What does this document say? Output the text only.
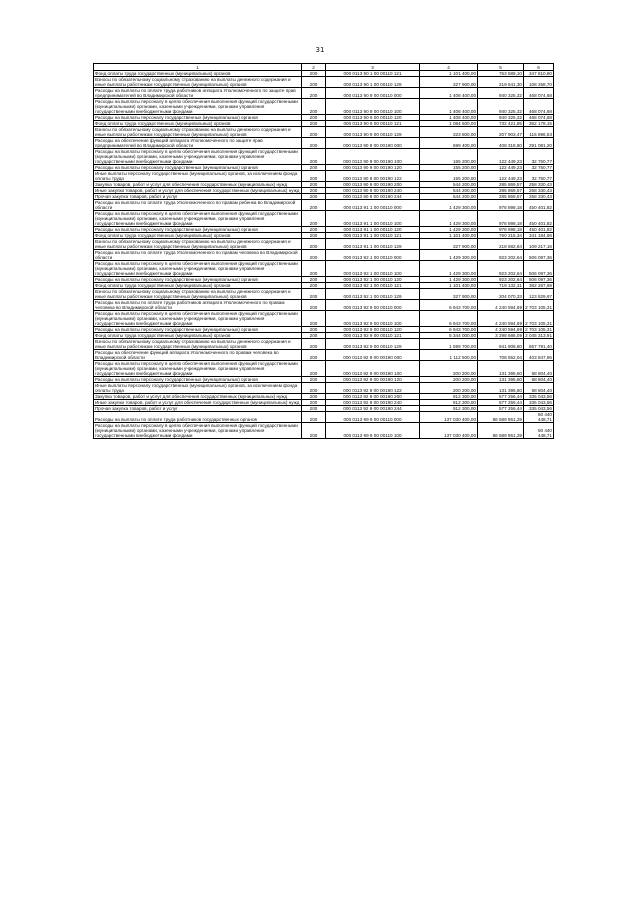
31
1	2	3	4	5	6
Фонд оплаты труда государственных (муниципальных) органов	200	000 0113 90 1 00 00110 121	1 101 400,00	753 589,10	347 810,90
Взносы по обязательному социальному страхованию на выплаты денежного содержания и иные выплаты работникам государственных (муниципальных) органов	200	000 0113 90 1 00 00110 129	327 900,00	219 641,30	108 258,70
Расходы на выплаты по оплате труда работников аппарата Уполномоченного по защите прав предпринимателей во Владимирской области	200	000 0113 90 9 00 00110 000	1 408 400,00	940 325,32	468 074,68
Расходы на выплаты персоналу в целях обеспечения выполнения функций государственными (муниципальными) органами, казенными учреждениями, органами управления государственными внебюджетными фондами	200	000 0113 90 9 00 00110 100	1 408 400,00	940 325,32	468 074,68
Расходы на выплаты персоналу государственных (муниципальных) органов	200	000 0113 90 9 00 00110 120	1 408 400,00	940 325,32	468 074,68
Фонд оплаты труда государственных (муниципальных) органов	200	000 0113 90 9 00 00110 121	1 084 600,00	732 421,85	352 178,15
Взносы по обязательному социальному страхованию на выплаты денежного содержания и иные выплаты работникам государственных (муниципальных) органов	200	000 0113 90 9 00 00110 129	323 800,00	207 903,47	115 896,53
Расходы на обеспечение функций аппарата Уполномоченного по защите прав предпринимателей во Владимирской области	200	000 0113 90 9 00 00190 000	699 400,00	408 318,80	291 081,20
Расходы на выплаты персоналу в целях обеспечения выполнения функций государственными (муниципальными) органами, казенными учреждениями, органами управления государственными внебюджетными фондами	200	000 0113 90 9 00 00190 100	155 200,00	122 449,23	32 750,77
Расходы на выплаты персоналу государственных (муниципальных) органов	200	000 0113 90 9 00 00190 120	155 200,00	122 449,23	32 750,77
Иные выплаты персоналу государственных (муниципальных) органов, за исключением фонда оплаты труда	200	000 0113 90 9 00 00190 122	155 200,00	122 449,23	32 750,77
Закупка товаров, работ и услуг для обеспечения государственных (муниципальных) нужд	200	000 0113 90 9 00 00190 200	544 200,00	285 869,57	258 330,43
Иные закупки товаров, работ и услуг для обеспечения государственных (муниципальных) нужд	200	000 0113 90 9 00 00190 240	544 200,00	285 869,57	258 330,43
Прочая закупка товаров, работ и услуг	200	000 0113 90 9 00 00190 244	544 200,00	285 869,57	258 330,43
Расходы на выплаты по оплате труда Уполномоченного по правам ребенка во Владимирской области	200	000 0113 91 1 00 00110 000	1 429 300,00	978 898,18	450 401,82
Расходы на выплаты персоналу в целях обеспечения выполнения функций государственными (муниципальными) органами, казенными учреждениями, органами управления государственными внебюджетными фондами	200	000 0113 91 1 00 00110 100	1 429 300,00	978 898,18	450 401,82
Расходы на выплаты персоналу государственных (муниципальных) органов	200	000 0113 91 1 00 00110 120	1 429 300,00	978 898,18	450 401,82
Фонд оплаты труда государственных (муниципальных) органов	200	000 0113 91 1 00 00110 121	1 101 400,00	760 215,34	341 184,66
Взносы по обязательному социальному страхованию на выплаты денежного содержания и иные выплаты работникам государственных (муниципальных) органов	200	000 0113 91 1 00 00110 129	327 900,00	218 682,84	109 217,16
Расходы на выплаты по оплате труда Уполномоченного по правам человека во Владимирской области	200	000 0113 92 1 00 00110 000	1 429 300,00	923 202,64	506 097,36
Расходы на выплаты персоналу в целях обеспечения выполнения функций государственными (муниципальными) органами, казенными учреждениями, органами управления государственными внебюджетными фондами	200	000 0113 92 1 00 00110 100	1 429 300,00	923 202,64	506 097,36
Расходы на выплаты персоналу государственных (муниципальных) органов	200	000 0113 92 1 00 00110 120	1 429 300,00	923 202,64	506 097,36
Фонд оплаты труда государственных (муниципальных) органов	200	000 0113 92 1 00 00110 121	1 101 400,00	719 132,31	382 267,69
Взносы по обязательному социальному страхованию на выплаты денежного содержания и иные выплаты работникам государственных (муниципальных) органов	200	000 0113 92 1 00 00110 129	327 900,00	204 070,33	123 829,67
Расходы на выплаты по оплате труда работников аппарата Уполномоченного по правам человека во Владимирской области	200	000 0113 92 9 00 00110 000	6 943 700,00	4 240 594,69	2 703 105,31
Расходы на выплаты персоналу в целях обеспечения выполнения функций государственными (муниципальными) органами, казенными учреждениями, органами управления государственными внебюджетными фондами	200	000 0113 92 9 00 00110 100	6 943 700,00	4 240 594,69	2 703 105,31
Расходы на выплаты персоналу государственных (муниципальных) органов	200	000 0113 92 9 00 00110 120	6 943 700,00	4 240 594,69	2 703 105,31
Фонд оплаты труда государственных (муниципальных) органов	200	000 0113 92 9 00 00110 121	5 344 000,00	3 298 686,09	2 045 313,91
Взносы по обязательному социальному страхованию на выплаты денежного содержания и иные выплаты работникам государственных (муниципальных) органов	200	000 0113 92 9 00 00110 129	1 599 700,00	941 908,60	657 791,40
Расходы на обеспечение функций аппарата Уполномоченного по правам человека во Владимирской области	200	000 0113 92 9 00 00190 000	1 112 500,00	708 652,04	403 847,96
Расходы на выплаты персоналу в целях обеспечения выполнения функций государственными (муниципальными) органами, казенными учреждениями, органами управления государственными внебюджетными фондами	200	000 0113 92 9 00 00190 100	200 200,00	131 395,60	68 804,40
Расходы на выплаты персоналу государственных (муниципальных) органов	200	000 0113 92 9 00 00190 120	200 200,00	131 395,60	68 804,40
Иные выплаты персоналу государственных (муниципальных) органов, за исключением фонда оплаты труда	200	000 0113 92 9 00 00190 122	200 200,00	131 395,60	68 804,40
Закупка товаров, работ и услуг для обеспечения государственных (муниципальных) нужд	200	000 0113 92 9 00 00190 200	912 300,00	577 256,44	335 043,56
Иные закупки товаров, работ и услуг для обеспечения государственных (муниципальных) нужд	200	000 0113 92 9 00 00190 240	912 300,00	577 256,44	335 043,56
Прочая закупка товаров, работ и услуг	200	000 0113 92 9 00 00190 244	912 300,00	577 256,44	335 043,56
Расходы на выплаты по оплате труда работников государственных органов	200	000 0113 99 9 00 00110 000	137 030 400,00	86 589 951,29	50 440 448,71
Расходы на выплаты персоналу в целях обеспечения выполнения функций государственными (муниципальными) органами, казенными учреждениями, органами управления государственными внебюджетными фондами	200	000 0113 99 9 00 00110 100	137 030 400,00	86 589 951,29	50 440 448,71
